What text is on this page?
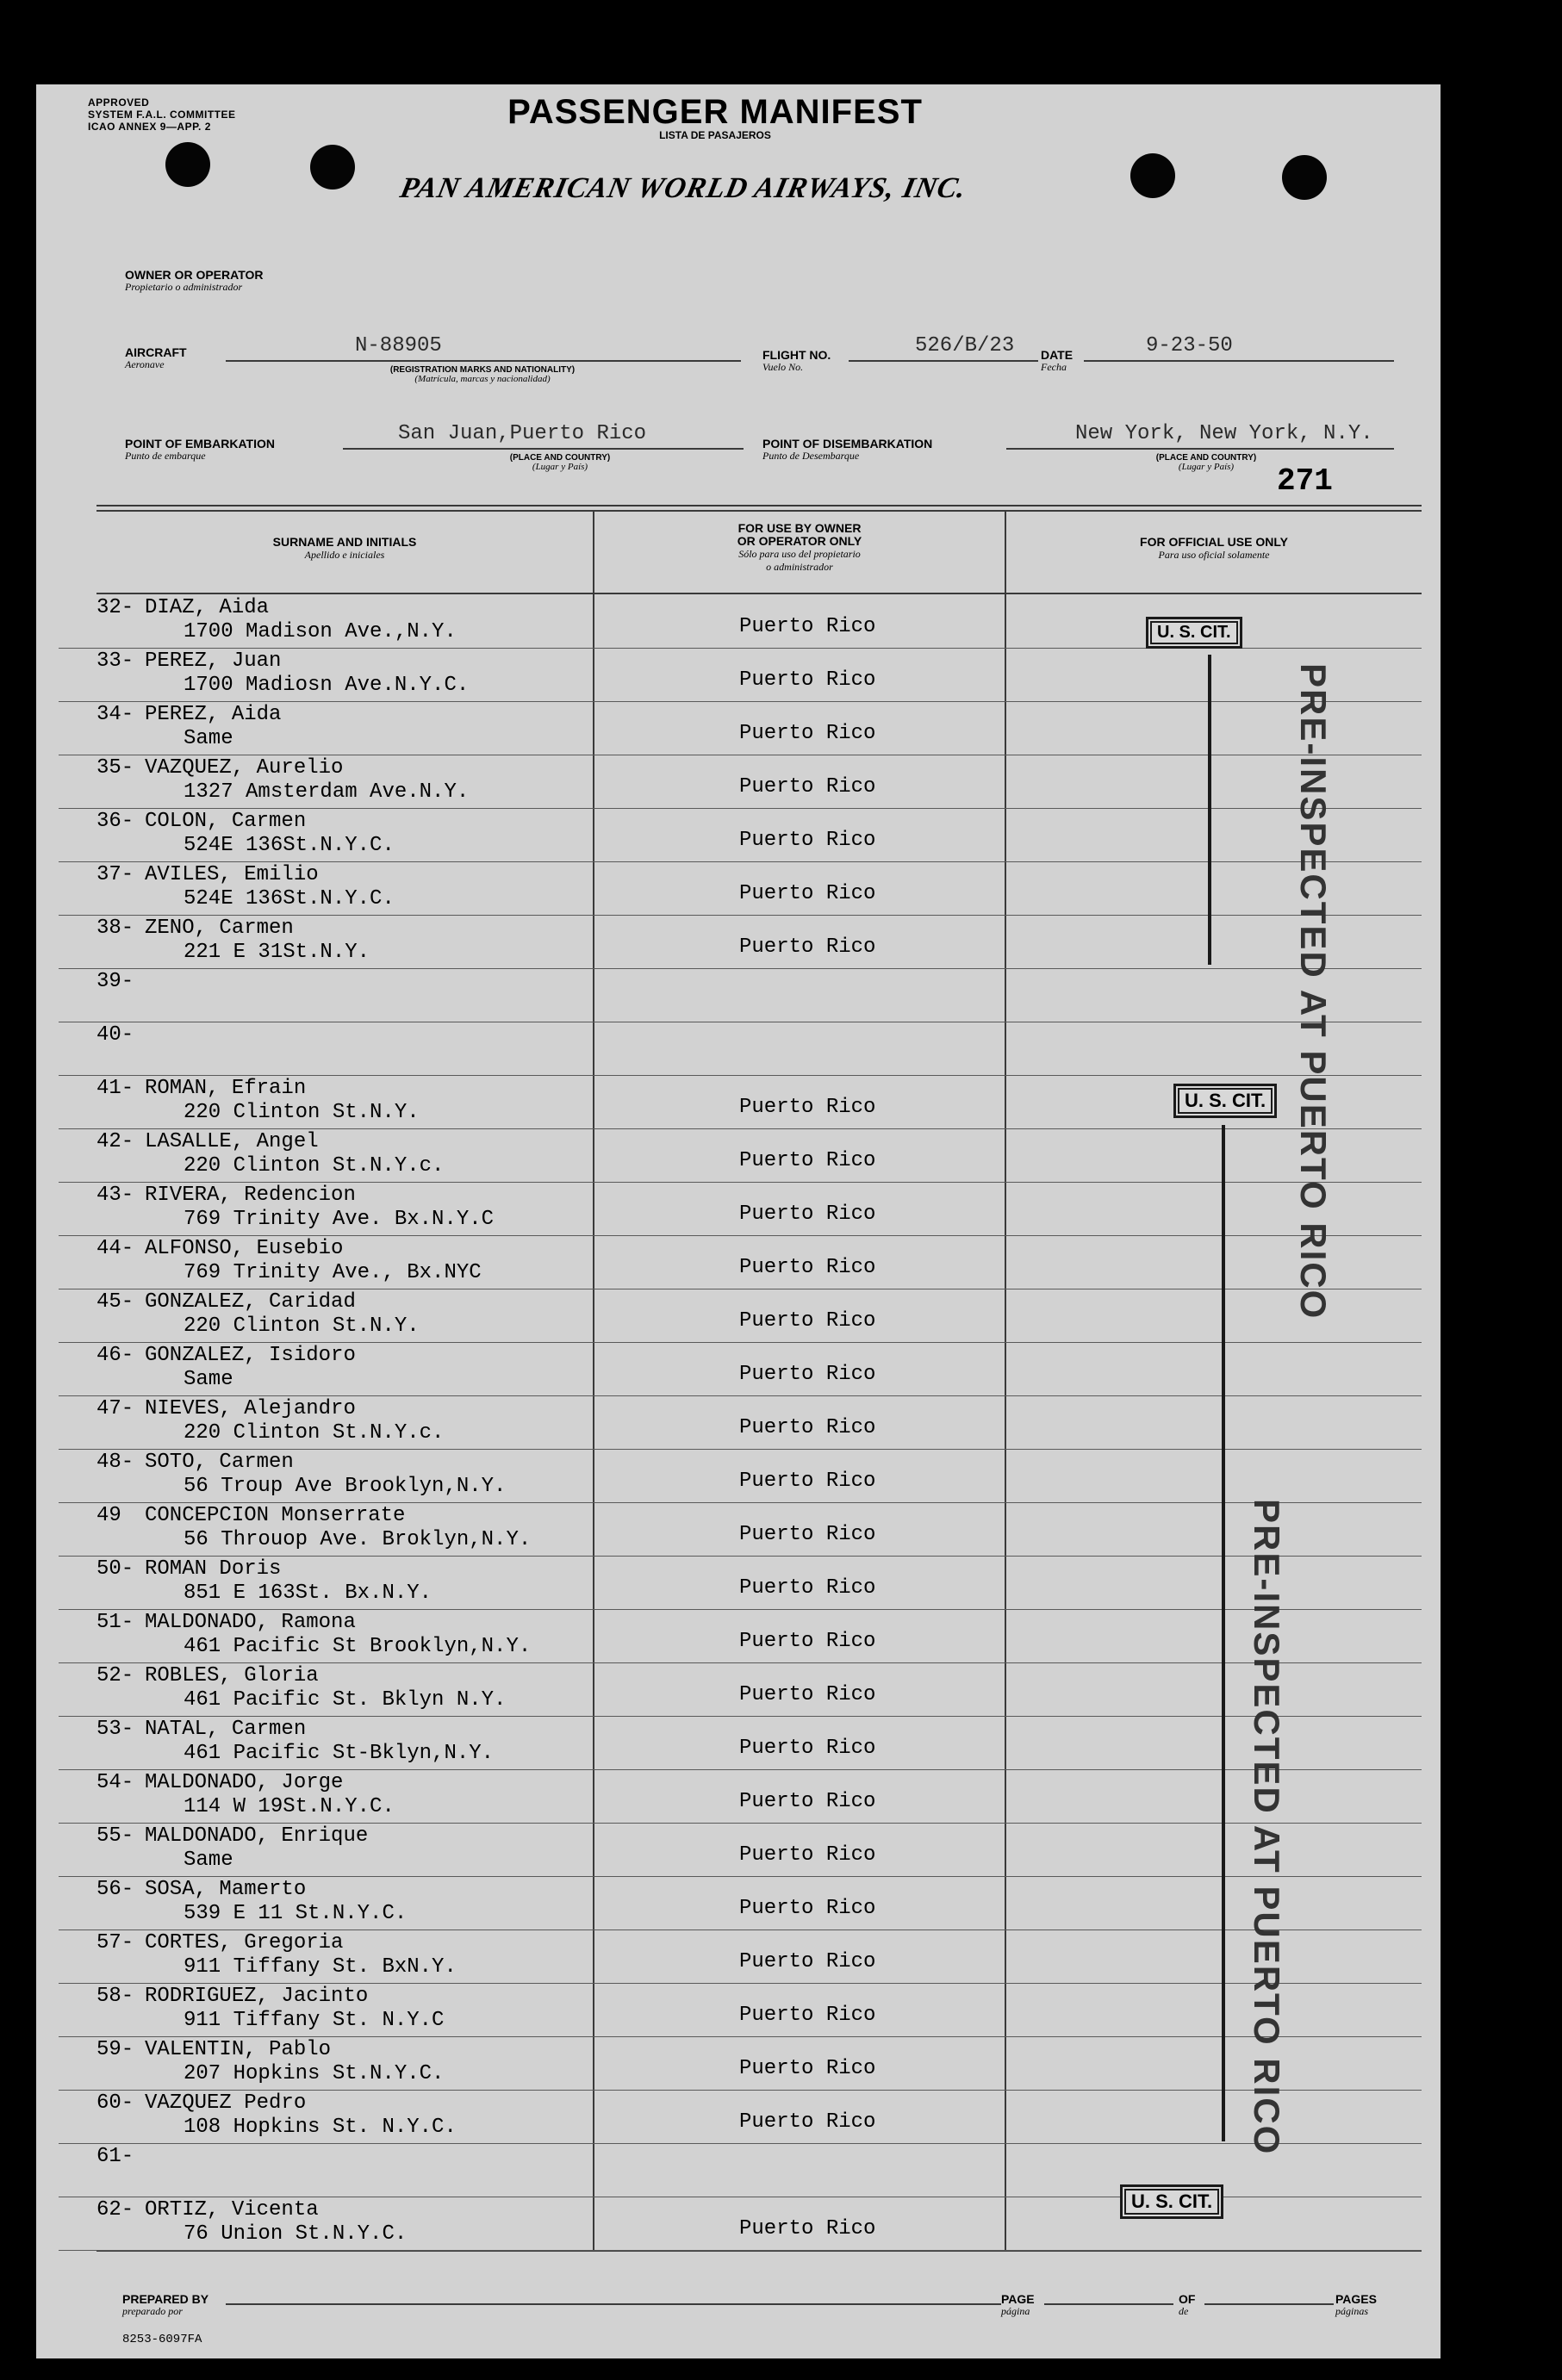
APPROVED
SYSTEM F.A.L. COMMITTEE
ICAO ANNEX 9—APP. 2	PASSENGER MANIFEST
LISTA DE PASAJEROS
OWNER OR OPERATOR
Propietario o administrador
PAN AMERICAN WORLD AIRWAYS, INC.
AIRCRAFT
Aeronave
N-88905
(REGISTRATION MARKS AND NATIONALITY)
(Matrícula, marcas y nacionalidad)
FLIGHT NO.
Vuelo No.
526/B/23 DATE
Fecha
9-23-50
POINT OF EMBARKATION
Punto de embarque
San Juan,Puerto Rico
(PLACE AND COUNTRY)
(Lugar y País)
POINT OF DISEMBARKATION
Punto de Desembarque
New York, New York, N.Y.
(PLACE AND COUNTRY)
(Lugar y País)	271
SURNAME AND INITIALS
Apellido e iniciales
FOR USE BY OWNER
OR OPERATOR ONLY
Sólo para uso del propietario
o administrador
FOR OFFICIAL USE ONLY
Para uso oficial solamente
32- DIAZ, Aida
1700 Madison Ave.,N.Y.	Puerto Rico
33- PEREZ, Juan
1700 Madiosn Ave.N.Y.C.	Puerto Rico
34- PEREZ, Aida
Same	Puerto Rico
35- VAZQUEZ, Aurelio
1327 Amsterdam Ave.N.Y.	Puerto Rico
36- COLON, Carmen
524E 136St.N.Y.C.	Puerto Rico
37- AVILES, Emilio
524E 136St.N.Y.C.	Puerto Rico
38- ZENO, Carmen
221 E 31St.N.Y.	Puerto Rico
39-
40-
41- ROMAN, Efrain
220 Clinton St.N.Y.	Puerto Rico
42- LASALLE, Angel
220 Clinton St.N.Y.c.	Puerto Rico
43- RIVERA, Redencion
769 Trinity Ave. Bx.N.Y.C	Puerto Rico
44- ALFONSO, Eusebio
769 Trinity Ave., Bx.NYC	Puerto Rico
45- GONZALEZ, Caridad
220 Clinton St.N.Y.	Puerto Rico
46- GONZALEZ, Isidoro
Same	Puerto Rico
47- NIEVES, Alejandro
220 Clinton St.N.Y.c.	Puerto Rico
48- SOTO, Carmen
56 Troup Ave Brooklyn,N.Y.	Puerto Rico
49 CONCEPCION Monserrate
56 Throuop Ave. Broklyn,N.Y.	Puerto Rico
50- ROMAN Doris
851 E 163St. Bx.N.Y.	Puerto Rico
51- MALDONADO, Ramona
461 Pacific St Brooklyn,N.Y.	Puerto Rico
52- ROBLES, Gloria
461 Pacific St. Bklyn N.Y.	Puerto Rico
53- NATAL, Carmen
461 Pacific St-Bklyn,N.Y.	Puerto Rico
54- MALDONADO, Jorge
114 W 19St.N.Y.C.	Puerto Rico
55- MALDONADO, Enrique
Same	Puerto Rico
56- SOSA, Mamerto
539 E 11 St.N.Y.C.	Puerto Rico
57- CORTES, Gregoria
911 Tiffany St. BxN.Y.	Puerto Rico
58- RODRIGUEZ, Jacinto
911 Tiffany St. N.Y.C	Puerto Rico
59- VALENTIN, Pablo
207 Hopkins St.N.Y.C.	Puerto Rico
60- VAZQUEZ Pedro
108 Hopkins St. N.Y.C.	Puerto Rico
61-
62- ORTIZ, Vicenta
76 Union St.N.Y.C.	Puerto Rico
U. S. CIT.
U. S. CIT.
U. S. CIT.
PRE-INSPECTED AT PUERTO RICO
PRE-INSPECTED AT PUERTO RICO
PREPARED BY
preparado por
PAGE
página
OF
de
PAGES
páginas
8253-6097FA
